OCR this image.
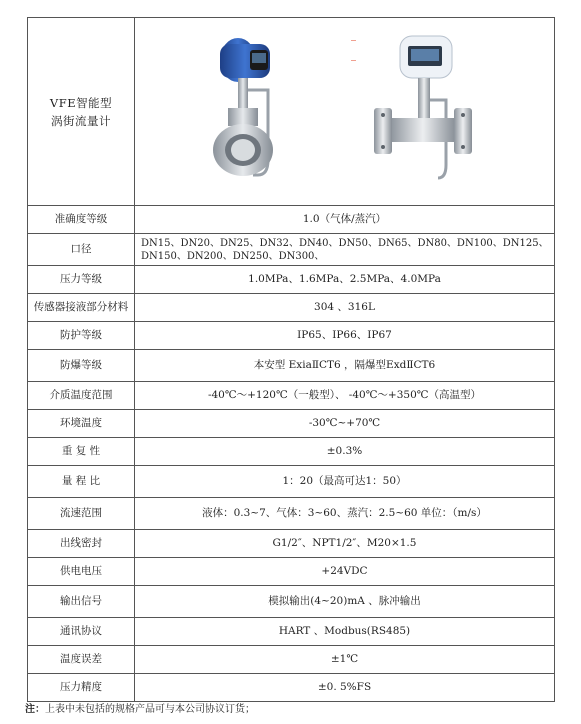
VFE智能型
涡街流量计

准确度等级	1.0（气体/蒸汽）
口径	DN15、DN20、DN25、DN32、DN40、DN50、DN65、DN80、DN100、DN125、DN150、DN200、DN250、DN300、
压力等级	1.0MPa、1.6MPa、2.5MPa、4.0MPa
传感器接液部分材料	304 、316L
防护等级	IP65、IP66、IP67
防爆等级	本安型 ExiaⅡCT6 ，隔爆型ExdⅡCT6
介质温度范围	-40℃～+120℃（一般型）、 -40℃～+350℃（高温型）
环境温度	-30℃~+70℃
重 复 性	±0.3%
量 程 比	1：20（最高可达1：50）
流速范围	液体：0.3~7、气体：3~60、蒸汽：2.5~60 单位：（m/s）
出线密封	G1/2″、NPT1/2″、M20×1.5
供电电压	+24VDC
输出信号	模拟输出(4~20)mA 、脉冲输出
通讯协议	HART 、Modbus(RS485)
温度误差	±1℃
压力精度	±0. 5%FS
注：上表中未包括的规格产品可与本公司协议订货；
